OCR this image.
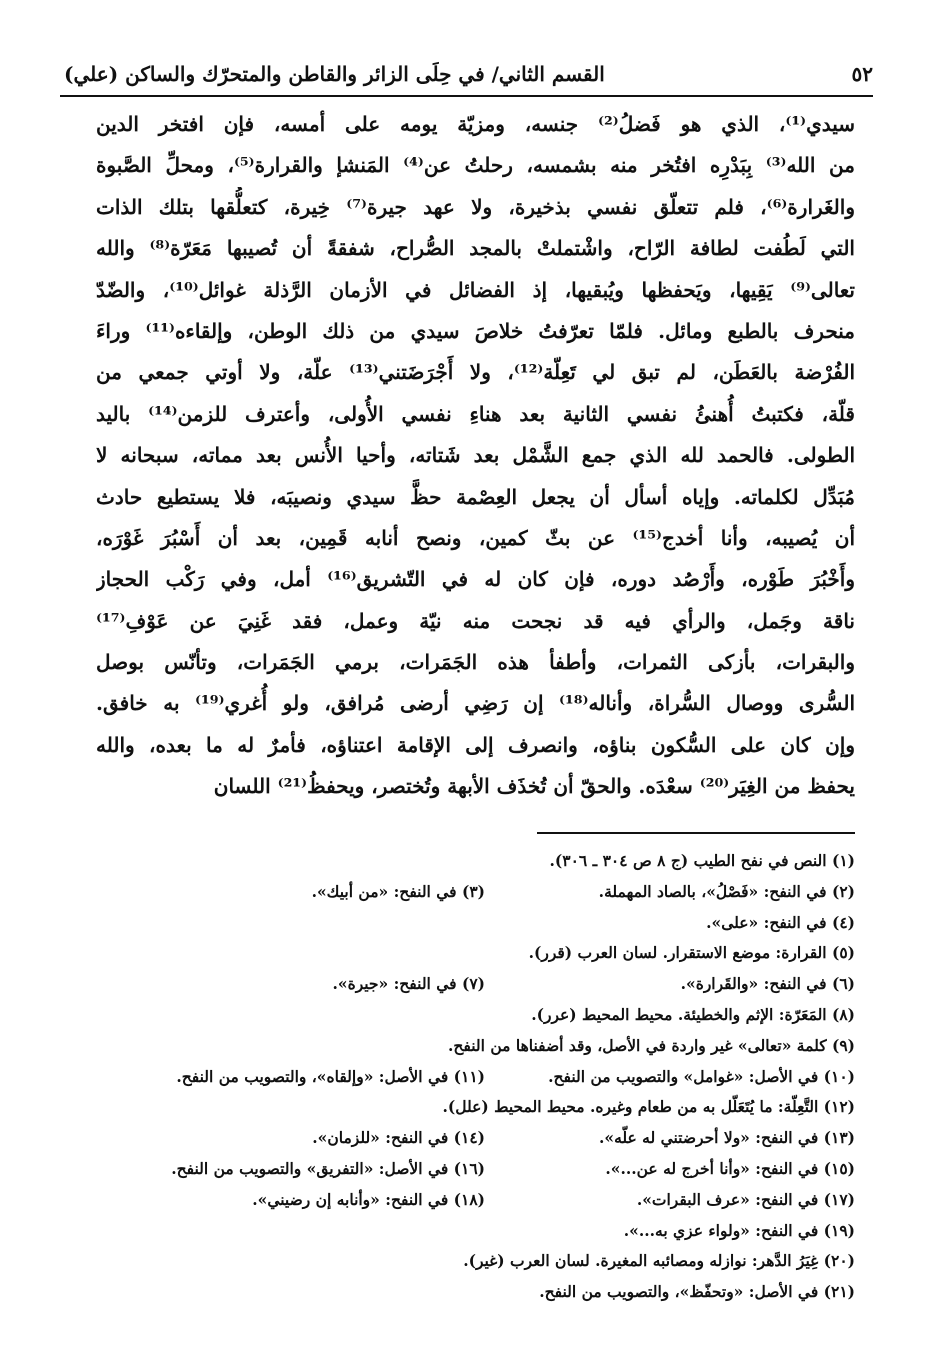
٥٢
القسم الثاني/ في حِلَى الزائر والقاطن والمتحرّك والساكن (علي)
سيدي⁽¹⁾، الذي هو فَضلُ⁽²⁾ جنسه، ومزيّة يومه على أمسه، فإن افتخر الدين
من الله⁽³⁾ بِبَدْرِه افتُخر منه بشمسه، رحلتُ عن⁽⁴⁾ المَنشإ والقرارة⁽⁵⁾، ومحلِّ الصَّبوة
والغَرارة⁽⁶⁾، فلم تتعلّق نفسي بذخيرة، ولا عهد جيرة⁽⁷⁾ خِيرة، كتعلُّقها بتلك الذات
التي لَطُفت لطافة الرّاح، واشْتملتْ بالمجد الصُّراح، شفقةً أن تُصيبها مَعَرّة⁽⁸⁾ والله
تعالى⁽⁹⁾ يَقِيها، ويَحفظها ويُبقيها، إذ الفضائل في الأزمان الرَّذلة غوائل⁽¹⁰⁾، والضّدّ
منحرف بالطبع ومائل. فلمّا تعرّفتُ خلاصَ سيدي من ذلك الوطن، وإلقاءه⁽¹¹⁾ وراءَ
الفُرْضة بالعَطَن، لم تبق لي تَعِلّة⁽¹²⁾، ولا أَجْرَضَتني⁽¹³⁾ علّة، ولا أوتي جمعي من
قلّة، فكتبتُ أُهنئُ نفسي الثانية بعد هناءِ نفسي الأُولى، وأعترف للزمن⁽¹⁴⁾ باليد
الطولى. فالحمد لله الذي جمع الشَّمْل بعد شَتاته، وأحيا الأُنس بعد مماته، سبحانه لا
مُبَدِّل لكلماته. وإياه أسأل أن يجعل العِصْمة حظَّ سيدي ونصيبَه، فلا يستطيع حادث
أن يُصيبه، وأنا أخدج⁽¹⁵⁾ عن بثّ كمين، ونصح أنابه قَمِين، بعد أن أَسْبُرَ غَوْرَه،
وأَخْبُرَ طَوْره، وأَرْصُد دوره، فإن كان له في التّشريق⁽¹⁶⁾ أمل، وفي رَكْب الحجاز
ناقة وجَمل، والرأي فيه قد نجحت منه نيّة وعمل، فقد غَنِيَ عن عَوْفِ⁽¹⁷⁾
والبقرات، بأزكى الثمرات، وأطفأ هذه الجَمَرات، برمي الجَمَرات، وتأنّس بوصل
السُّرى ووصال السُّراة، وأناله⁽¹⁸⁾ إن رَضِي أرضى مُرافق، ولو أُغري⁽¹⁹⁾ به خافق.
وإن كان على السُّكون بناؤه، وانصرف إلى الإقامة اعتناؤه، فأمرٌ له ما بعده، والله
يحفظ من الغِيَر⁽²⁰⁾ سعْدَه. والحقّ أن تُخذَف الأبهة وتُختصر، ويحفظُ⁽²¹⁾ اللسان
(١) النص في نفح الطيب (ج ٨ ص ٣٠٤ ـ ٣٠٦).
(٢) في النفح: «فَصْلُ»، بالصاد المهملة.
(٣) في النفح: «من أبيك».
(٤) في النفح: «على».
(٥) القرارة: موضع الاستقرار. لسان العرب (قرر).
(٦) في النفح: «والقَرارة».
(٧) في النفح: «جيرة».
(٨) المَعَرّة: الإثم والخطيئة. محيط المحيط (عرر).
(٩) كلمة «تعالى» غير واردة في الأصل، وقد أضفناها من النفح.
(١٠) في الأصل: «غوامل» والتصويب من النفح.
(١١) في الأصل: «وإلقاه»، والتصويب من النفح.
(١٢) التَّعِلّة: ما يُتَعَلّل به من طعام وغيره. محيط المحيط (علل).
(١٣) في النفح: «ولا أحرضتني له علّه».
(١٤) في النفح: «للزمان».
(١٥) في النفح: «وأنا أخرج له عن...».
(١٦) في الأصل: «التفريق» والتصويب من النفح.
(١٧) في النفح: «عرف البقرات».
(١٨) في النفح: «وأنابه إن رضيني».
(١٩) في النفح: «ولواء عزي به...».
(٢٠) غِيَرُ الدَّهر: نوازله ومصائبه المغيرة. لسان العرب (غير).
(٢١) في الأصل: «وتحفّظ»، والتصويب من النفح.
